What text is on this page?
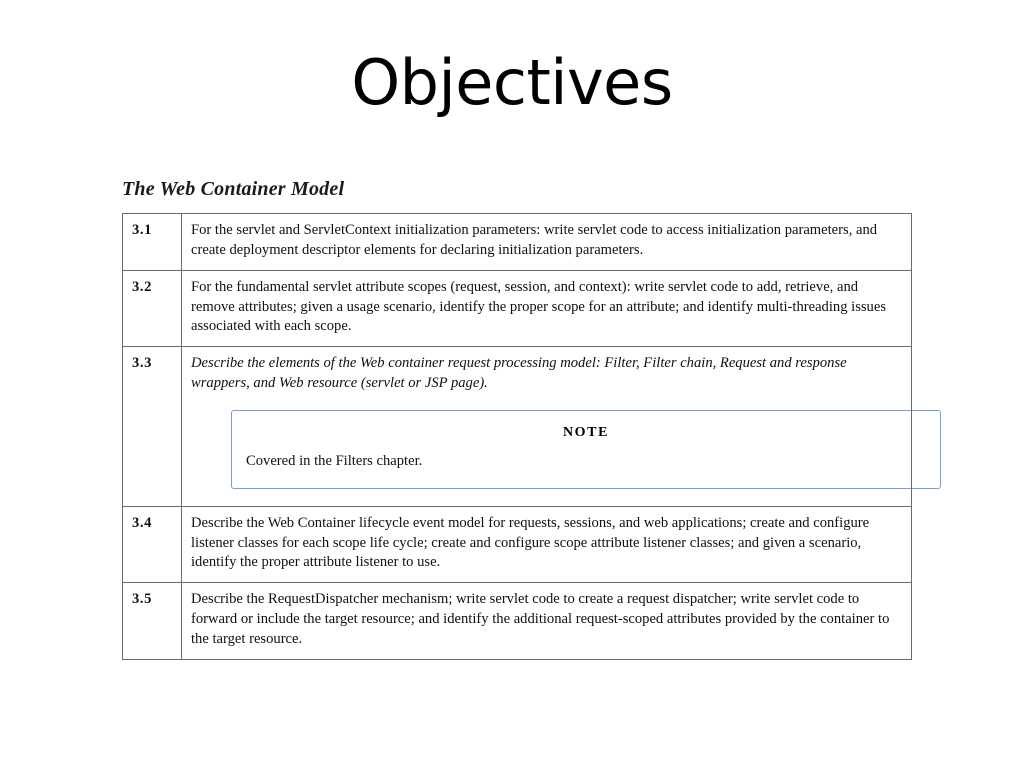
Objectives
The Web Container Model
3.1	For the servlet and ServletContext initialization parameters: write servlet code to access initialization parameters, and create deployment descriptor elements for declaring initialization parameters.
3.2	For the fundamental servlet attribute scopes (request, session, and context): write servlet code to add, retrieve, and remove attributes; given a usage scenario, identify the proper scope for an attribute; and identify multi-threading issues associated with each scope.
3.3	Describe the elements of the Web container request processing model: Filter, Filter chain, Request and response wrappers, and Web resource (servlet or JSP page).
NOTE
Covered in the Filters chapter.

3.4	Describe the Web Container lifecycle event model for requests, sessions, and web applications; create and configure listener classes for each scope life cycle; create and configure scope attribute listener classes; and given a scenario, identify the proper attribute listener to use.
3.5	Describe the RequestDispatcher mechanism; write servlet code to create a request dispatcher; write servlet code to forward or include the target resource; and identify the additional request-scoped attributes provided by the container to the target resource.
